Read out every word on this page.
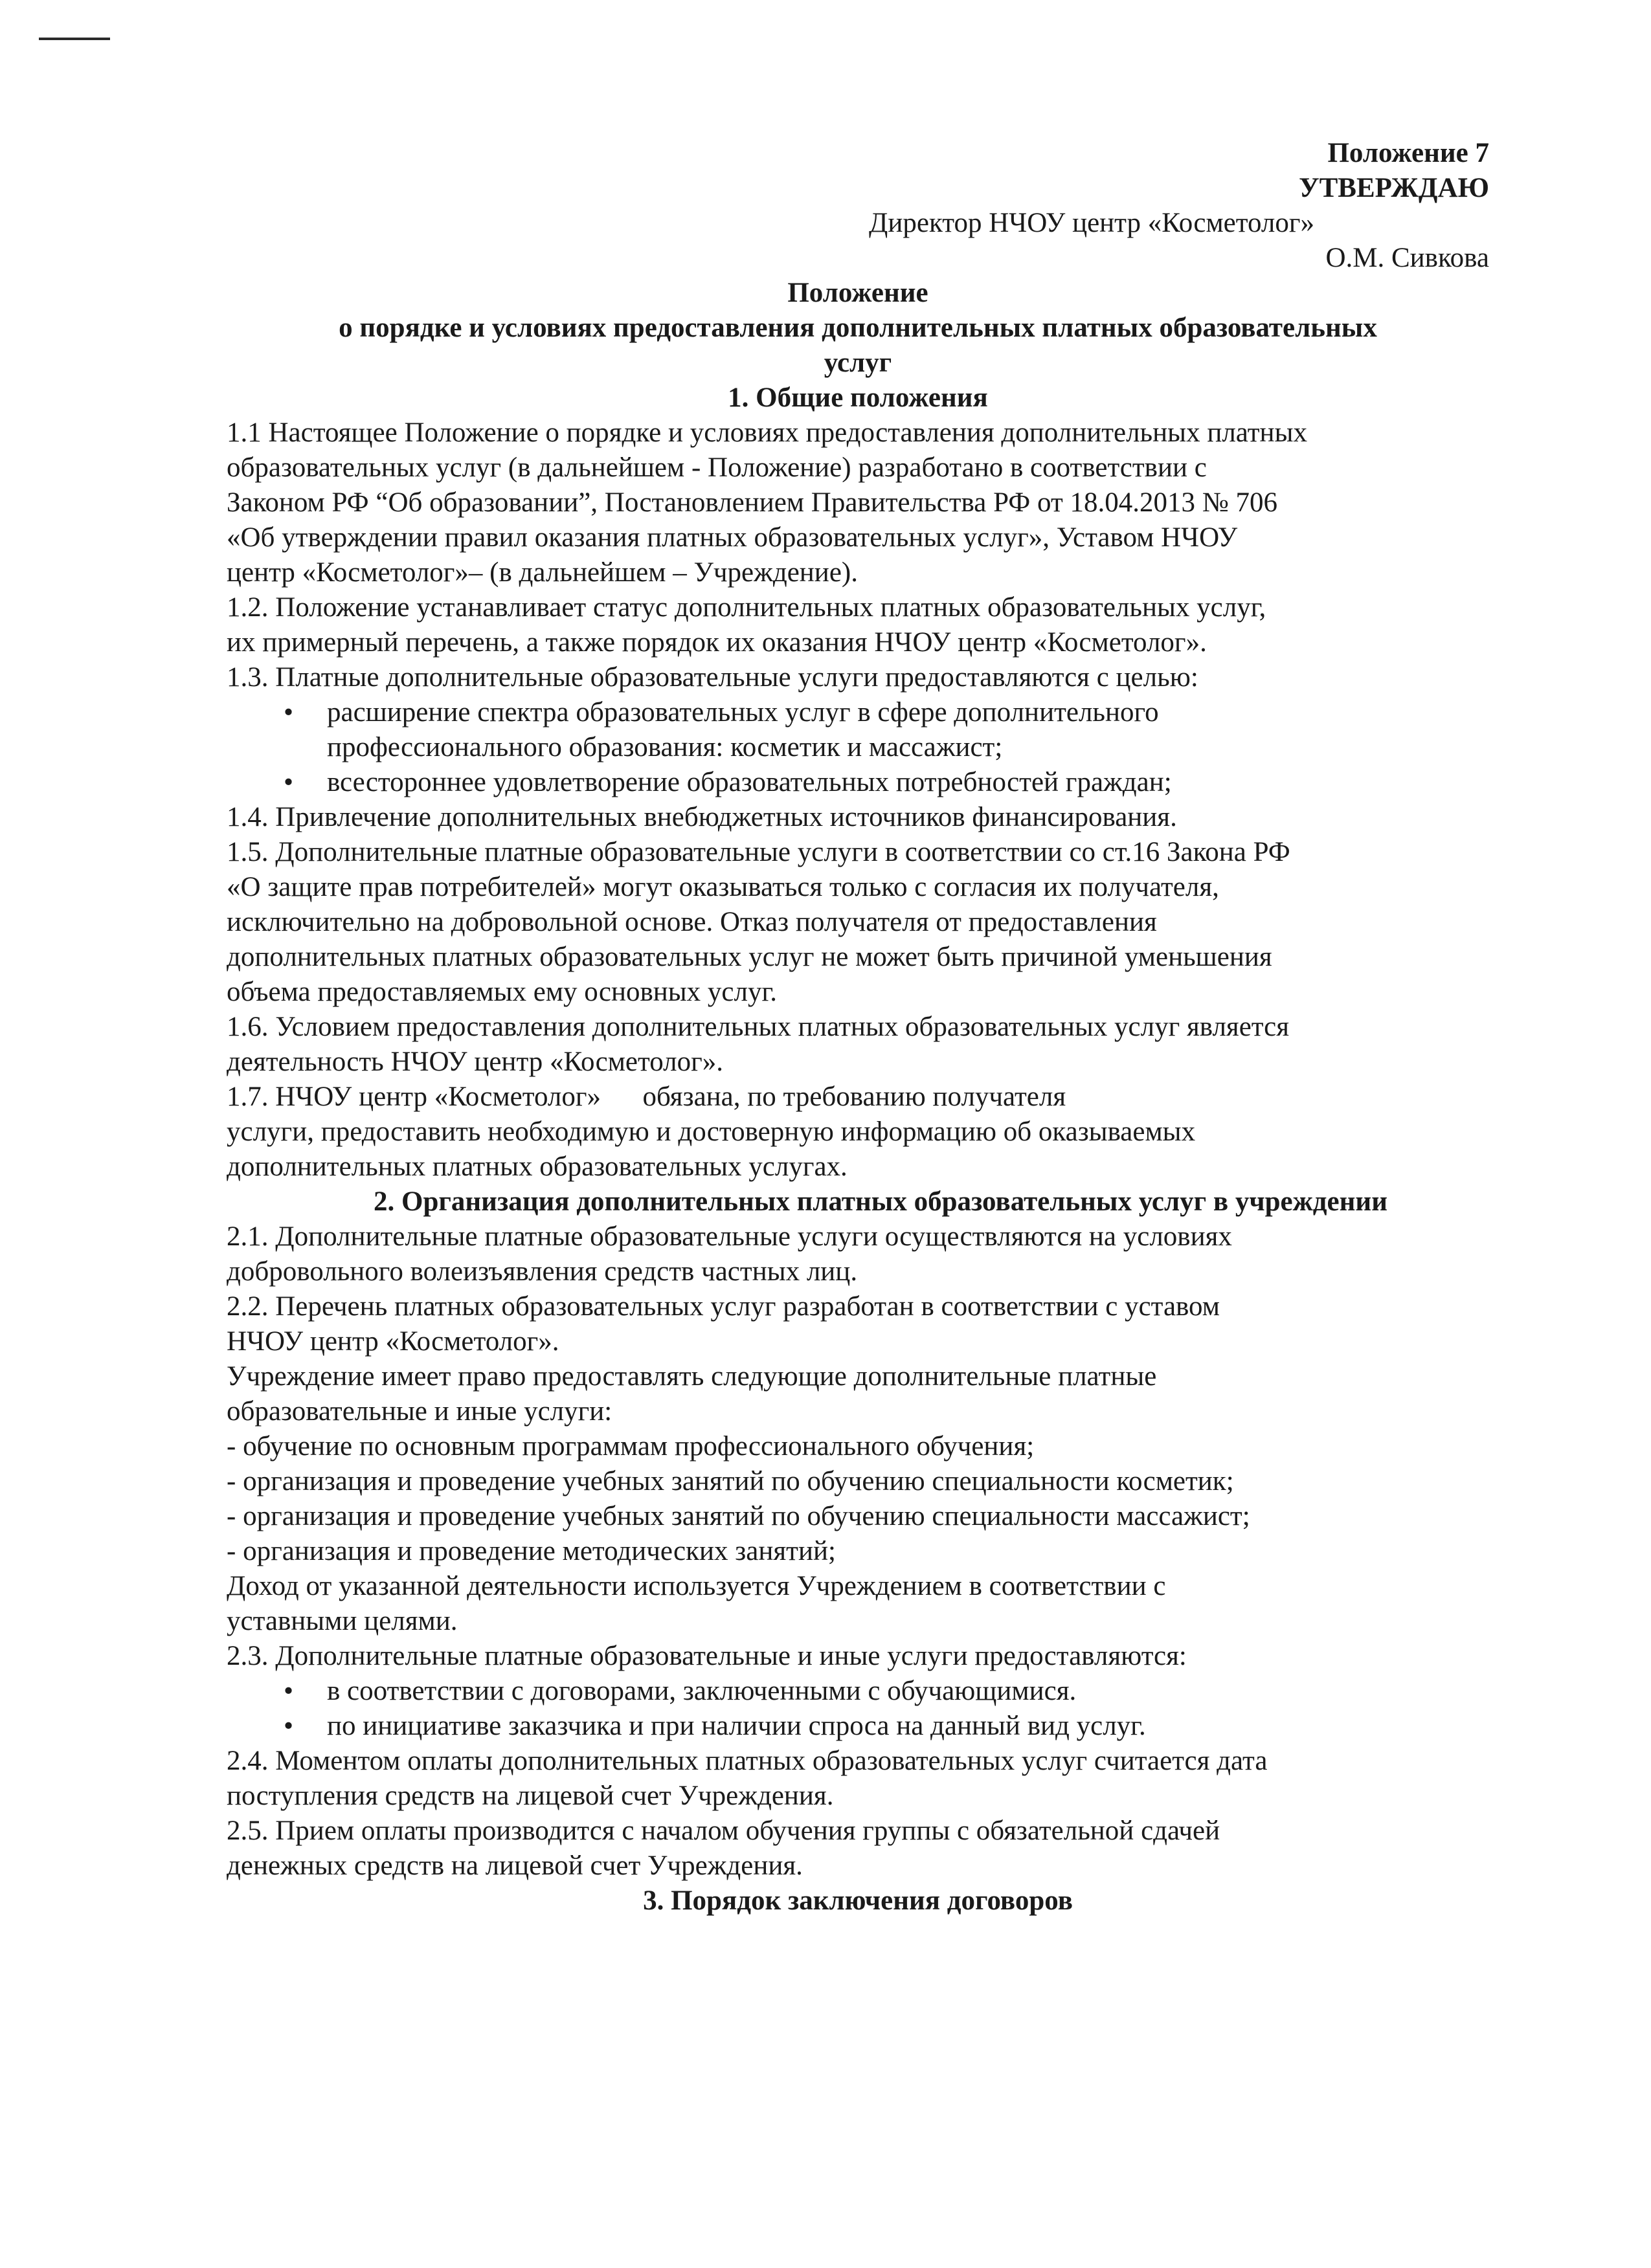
Положение 7
УТВЕРЖДАЮ
Директор НЧОУ центр «Косметолог»
О.М. Сивкова
Положение
о порядке и условиях предоставления дополнительных платных образовательных
услуг
1. Общие положения
1.1 Настоящее Положение о порядке и условиях предоставления дополнительных платных
образовательных услуг (в дальнейшем - Положение) разработано в соответствии с
Законом РФ “Об образовании”, Постановлением Правительства РФ от 18.04.2013 № 706
«Об утверждении правил оказания платных образовательных услуг», Уставом НЧОУ
центр «Косметолог»– (в дальнейшем – Учреждение).
1.2. Положение устанавливает статус дополнительных платных образовательных услуг,
их примерный перечень, а также порядок их оказания НЧОУ центр «Косметолог».
1.3. Платные дополнительные образовательные услуги предоставляются с целью:
• расширение спектра образовательных услуг в сфере дополнительного
профессионального образования: косметик и массажист;
• всестороннее удовлетворение образовательных потребностей граждан;
1.4. Привлечение дополнительных внебюджетных источников финансирования.
1.5. Дополнительные платные образовательные услуги в соответствии со ст.16 Закона РФ
«О защите прав потребителей» могут оказываться только с согласия их получателя,
исключительно на добровольной основе. Отказ получателя от предоставления
дополнительных платных образовательных услуг не может быть причиной уменьшения
объема предоставляемых ему основных услуг.
1.6. Условием предоставления дополнительных платных образовательных услуг является
деятельность НЧОУ центр «Косметолог».
1.7. НЧОУ центр «Косметолог»      обязана, по требованию получателя
услуги, предоставить необходимую и достоверную информацию об оказываемых
дополнительных платных образовательных услугах.
2. Организация дополнительных платных образовательных услуг в учреждении
2.1. Дополнительные платные образовательные услуги осуществляются на условиях
добровольного волеизъявления средств частных лиц.
2.2. Перечень платных образовательных услуг разработан в соответствии с уставом
НЧОУ центр «Косметолог».
Учреждение имеет право предоставлять следующие дополнительные платные
образовательные и иные услуги:
- обучение по основным программам профессионального обучения;
- организация и проведение учебных занятий по обучению специальности косметик;
- организация и проведение учебных занятий по обучению специальности массажист;
- организация и проведение методических занятий;
Доход от указанной деятельности используется Учреждением в соответствии с
уставными целями.
2.3. Дополнительные платные образовательные и иные услуги предоставляются:
• в соответствии с договорами, заключенными с обучающимися.
• по инициативе заказчика и при наличии спроса на данный вид услуг.
2.4. Моментом оплаты дополнительных платных образовательных услуг считается дата
поступления средств на лицевой счет Учреждения.
2.5. Прием оплаты производится с началом обучения группы с обязательной сдачей
денежных средств на лицевой счет Учреждения.
3. Порядок заключения договоров
